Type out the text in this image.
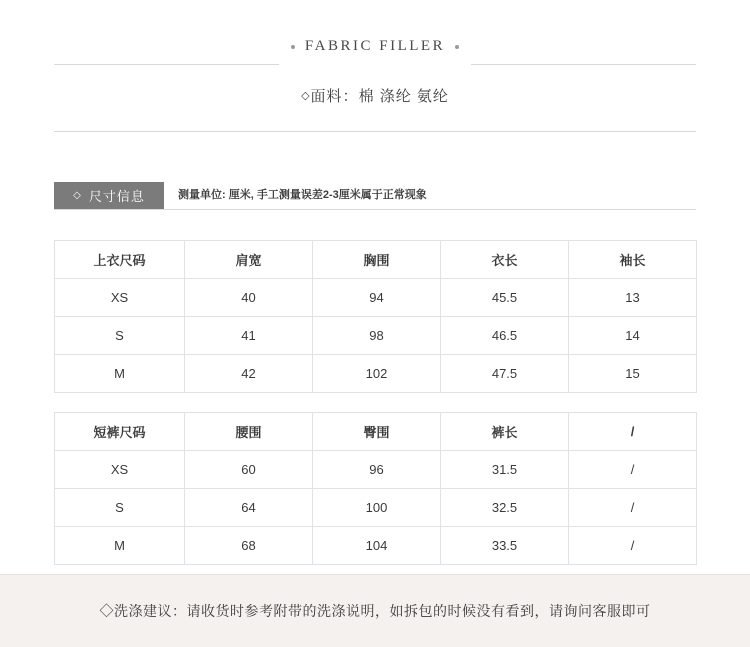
FABRIC FILLER
◇面料：棉 涤纶 氨纶
◇ 尺寸信息	测量单位: 厘米, 手工测量误差2-3厘米属于正常现象
上衣尺码	肩宽	胸围	衣长	袖长
XS	40	94	45.5	13
S	41	98	46.5	14
M	42	102	47.5	15
短裤尺码	腰围	臀围	裤长	/
XS	60	96	31.5	/
S	64	100	32.5	/
M	68	104	33.5	/
◇洗涤建议：请收货时参考附带的洗涤说明，如拆包的时候没有看到，请询问客服即可
